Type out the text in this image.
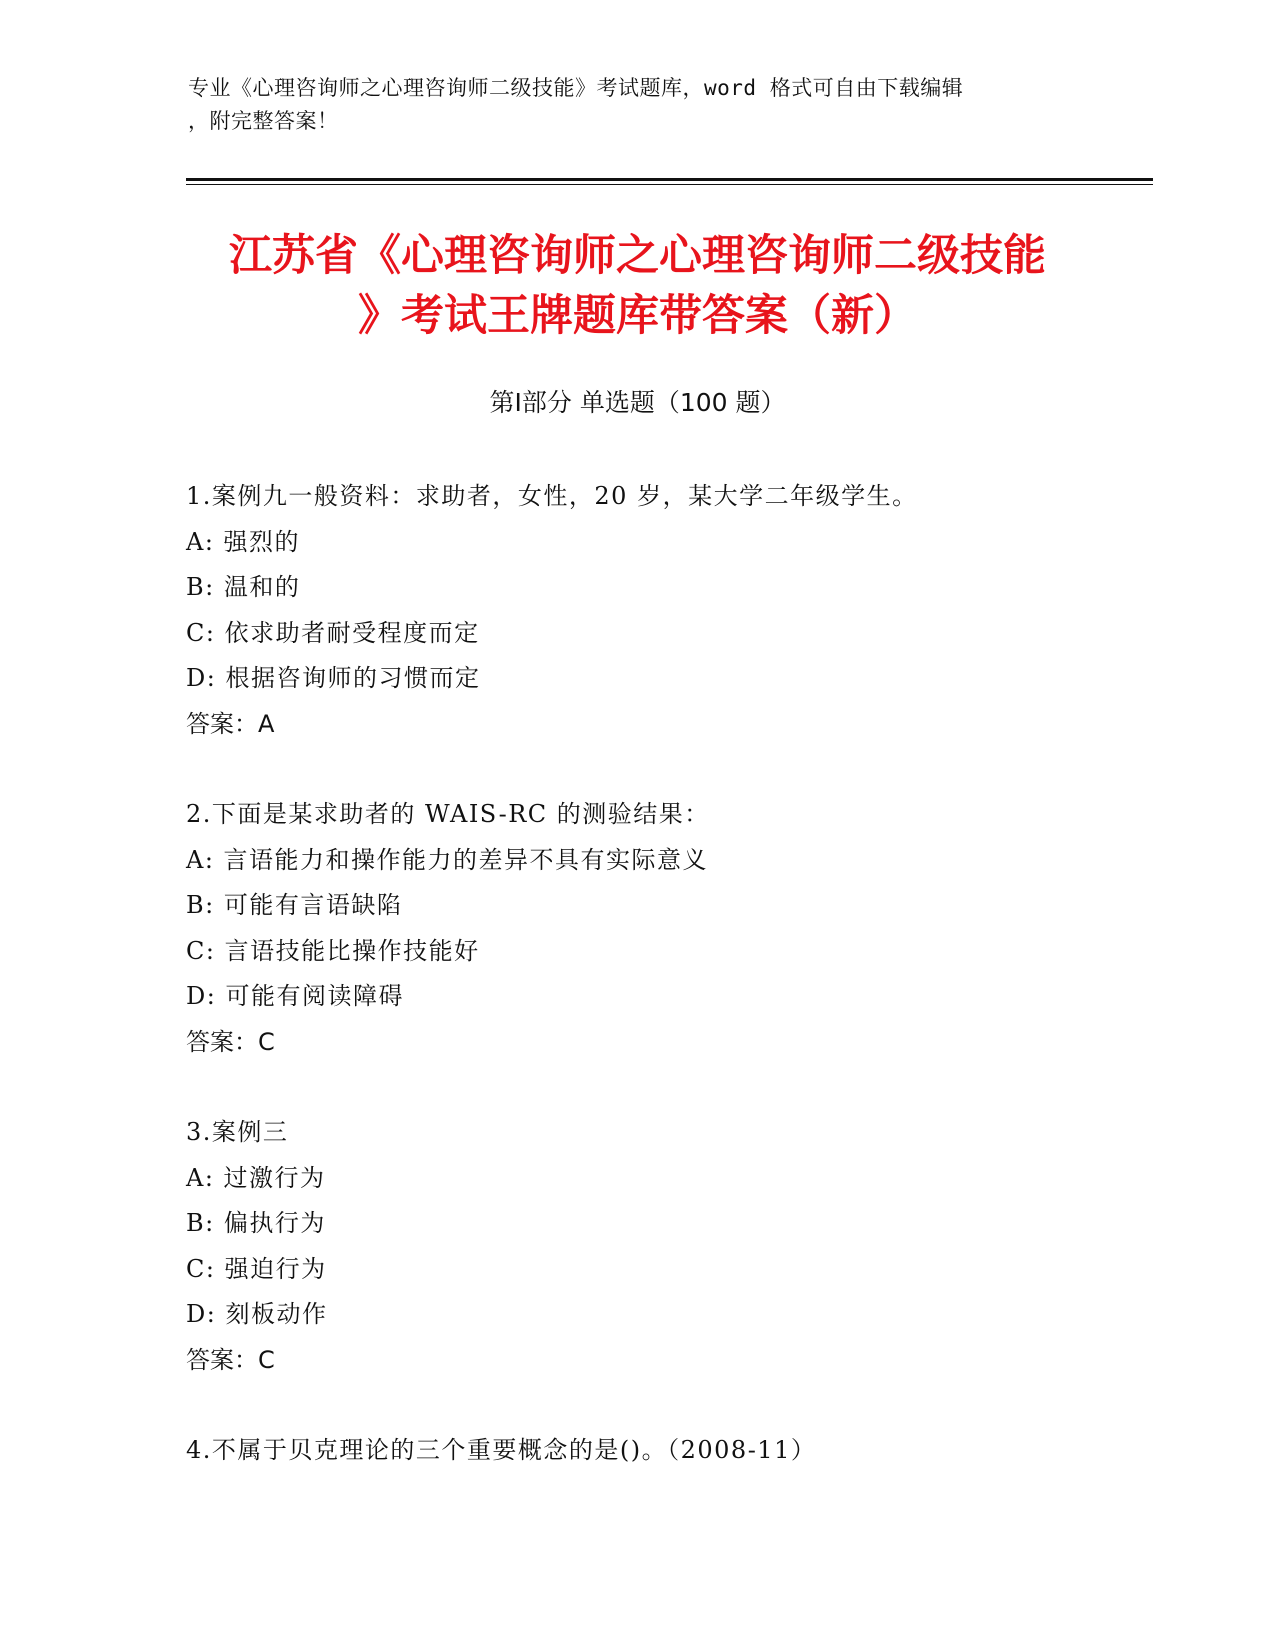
专业《心理咨询师之心理咨询师二级技能》考试题库，word 格式可自由下载编辑
，附完整答案！
江苏省《心理咨询师之心理咨询师二级技能
》考试王牌题库带答案（新）
第Ⅰ部分 单选题（100 题）
1.案例九一般资料：求助者，女性，20 岁，某大学二年级学生。
A: 强烈的
B: 温和的
C: 依求助者耐受程度而定
D: 根据咨询师的习惯而定
答案：A
2.下面是某求助者的 WAIS-RC 的测验结果：
A: 言语能力和操作能力的差异不具有实际意义
B: 可能有言语缺陷
C: 言语技能比操作技能好
D: 可能有阅读障碍
答案：C
3.案例三
A: 过激行为
B: 偏执行为
C: 强迫行为
D: 刻板动作
答案：C
4.不属于贝克理论的三个重要概念的是()。（2008-11）
